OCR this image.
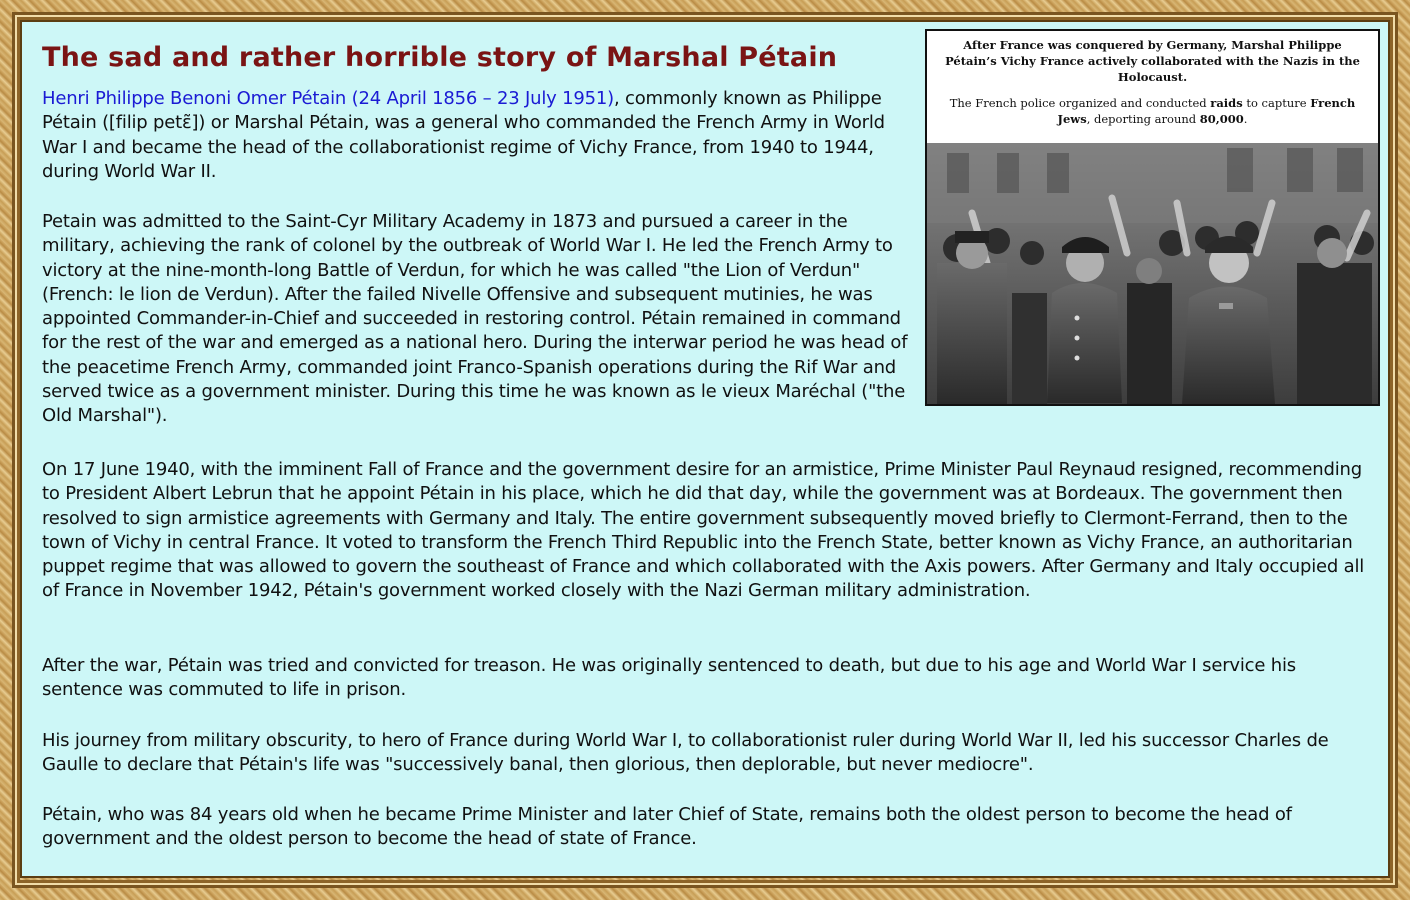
The sad and rather horrible story of Marshal Pétain
Henri Philippe Benoni Omer Pétain (24 April 1856 – 23 July 1951), commonly known as Philippe Pétain ([filip petɛ̃]) or Marshal Pétain, was a general who commanded the French Army in World War I and became the head of the collaborationist regime of Vichy France, from 1940 to 1944, during World War II.
Petain was admitted to the Saint-Cyr Military Academy in 1873 and pursued a career in the military, achieving the rank of colonel by the outbreak of World War I. He led the French Army to victory at the nine-month-long Battle of Verdun, for which he was called "the Lion of Verdun" (French: le lion de Verdun). After the failed Nivelle Offensive and subsequent mutinies, he was appointed Commander-in-Chief and succeeded in restoring control. Pétain remained in command for the rest of the war and emerged as a national hero. During the interwar period he was head of the peacetime French Army, commanded joint Franco-Spanish operations during the Rif War and served twice as a government minister. During this time he was known as le vieux Maréchal ("the Old Marshal").
After France was conquered by Germany, Marshal Philippe Pétain’s Vichy France actively collaborated with the Nazis in the Holocaust.
The French police organized and conducted raids to capture French Jews, deporting around 80,000.
On 17 June 1940, with the imminent Fall of France and the government desire for an armistice, Prime Minister Paul Reynaud resigned, recommending to President Albert Lebrun that he appoint Pétain in his place, which he did that day, while the government was at Bordeaux. The government then resolved to sign armistice agreements with Germany and Italy. The entire government subsequently moved briefly to Clermont-Ferrand, then to the town of Vichy in central France. It voted to transform the French Third Republic into the French State, better known as Vichy France, an authoritarian puppet regime that was allowed to govern the southeast of France and which collaborated with the Axis powers. After Germany and Italy occupied all of France in November 1942, Pétain's government worked closely with the Nazi German military administration.
After the war, Pétain was tried and convicted for treason. He was originally sentenced to death, but due to his age and World War I service his sentence was commuted to life in prison.
His journey from military obscurity, to hero of France during World War I, to collaborationist ruler during World War II, led his successor Charles de Gaulle to declare that Pétain's life was "successively banal, then glorious, then deplorable, but never mediocre".
Pétain, who was 84 years old when he became Prime Minister and later Chief of State, remains both the oldest person to become the head of government and the oldest person to become the head of state of France.
